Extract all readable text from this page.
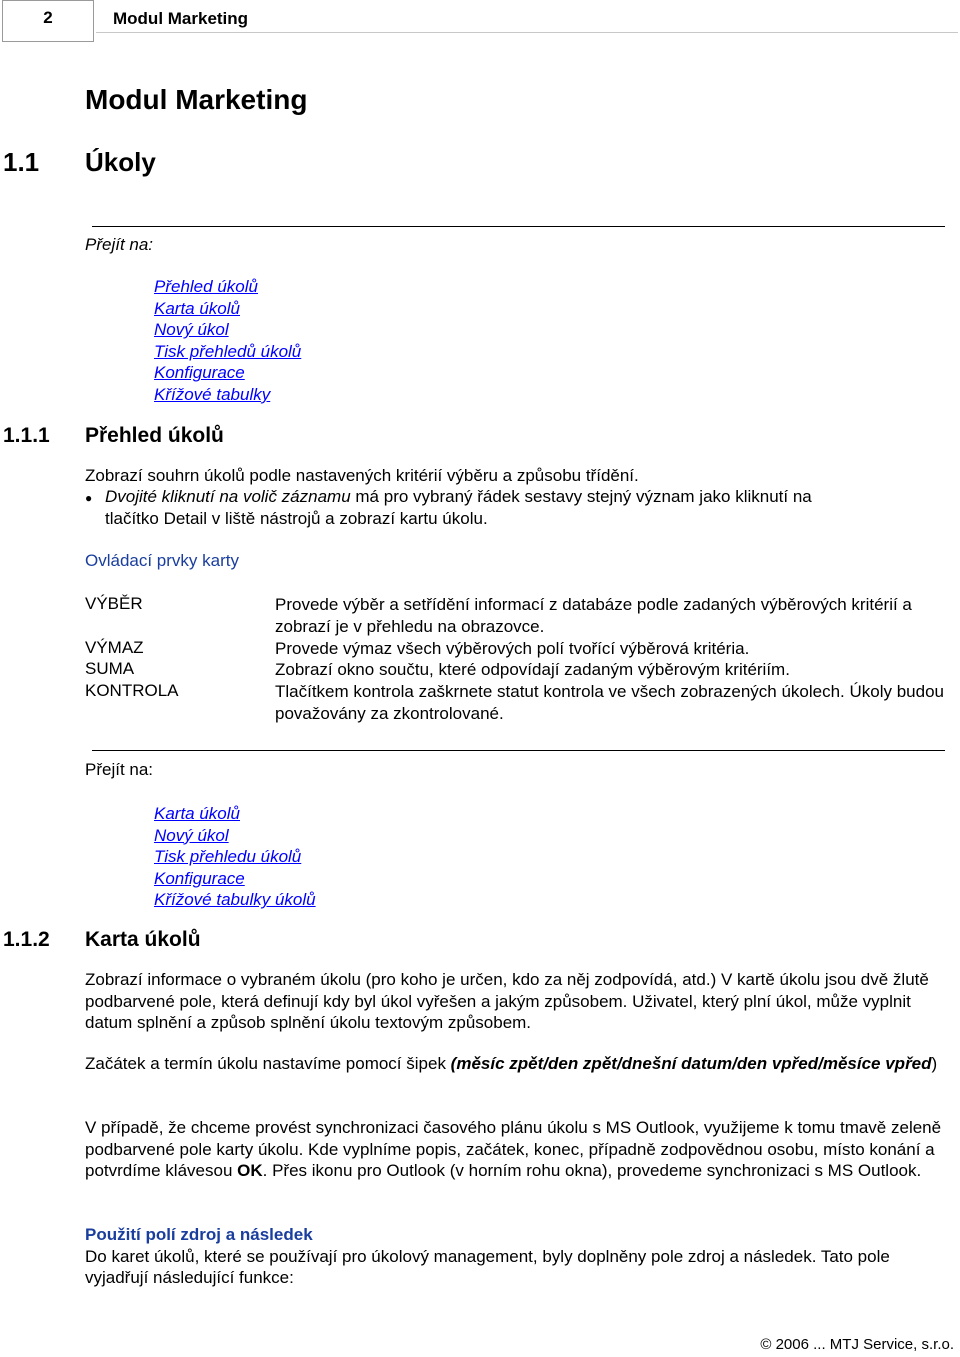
2	Modul Marketing
Modul Marketing
1.1 Úkoly
Přejít na:
Přehled úkolů
Karta úkolů
Nový úkol
Tisk přehledů úkolů
Konfigurace
Křížové tabulky
1.1.1 Přehled úkolů
Zobrazí souhrn úkolů podle nastavených kritérií výběru a způsobu třídění.
● Dvojité kliknutí na volič záznamu má pro vybraný řádek sestavy stejný význam jako kliknutí na
tlačítko Detail v liště nástrojů a zobrazí kartu úkolu.
Ovládací prvky karty
VÝBĚR	Provede výběr a setřídění informací z databáze podle zadaných výběrových kritérií a zobrazí je v přehledu na obrazovce.
VÝMAZ	Provede výmaz všech výběrových polí tvořící výběrová kritéria.
SUMA	Zobrazí okno součtu, které odpovídají zadaným výběrovým kritériím.
KONTROLA	Tlačítkem kontrola zaškrnete statut kontrola ve všech zobrazených úkolech. Úkoly budou považovány za zkontrolované.
Přejít na:
Karta úkolů
Nový úkol
Tisk přehledu úkolů
Konfigurace
Křížové tabulky úkolů
1.1.2 Karta úkolů
Zobrazí informace o vybraném úkolu (pro koho je určen, kdo za něj zodpovídá, atd.) V kartě úkolu jsou dvě žlutě podbarvené pole, která definují kdy byl úkol vyřešen a jakým způsobem. Uživatel, který plní úkol, může vyplnit datum splnění a způsob splnění úkolu textovým způsobem.
Začátek a termín úkolu nastavíme pomocí šipek (měsíc zpět/den zpět/dnešní datum/den vpřed/měsíce vpřed)
V případě, že chceme provést synchronizaci časového plánu úkolu s MS Outlook, využijeme k tomu tmavě zeleně podbarvené pole karty úkolu. Kde vyplníme popis, začátek, konec, případně zodpovědnou osobu, místo konání a potvrdíme klávesou OK. Přes ikonu pro Outlook (v horním rohu okna), provedeme synchronizaci s MS Outlook.
Použití polí zdroj a následek
Do karet úkolů, které se používají pro úkolový management, byly doplněny pole zdroj a následek. Tato pole vyjadřují následující funkce:
© 2006 ... MTJ Service, s.r.o.
